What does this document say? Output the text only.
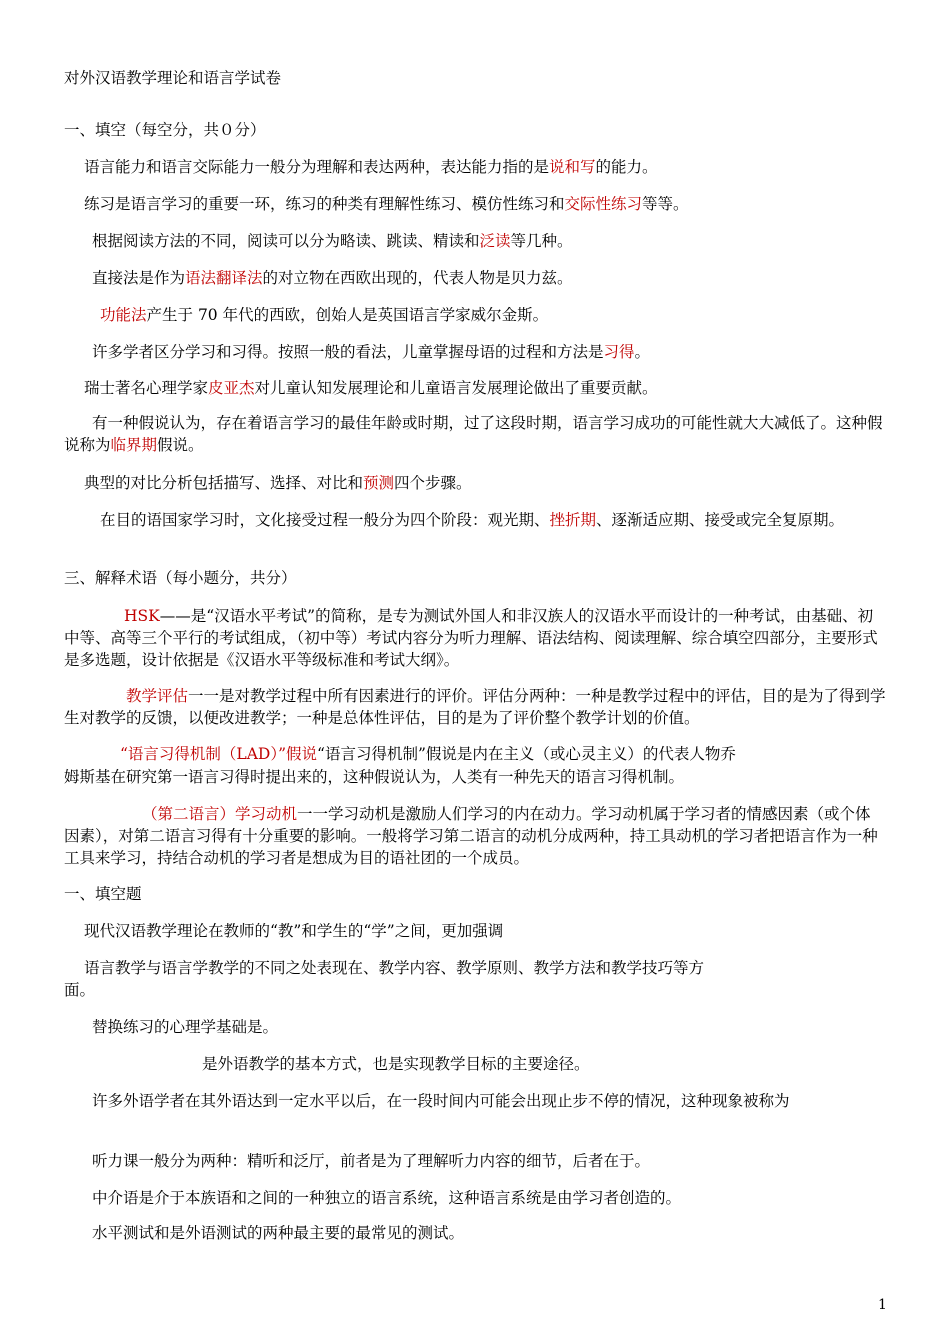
对外汉语教学理论和语言学试卷
一、填空（每空分，共０分）
语言能力和语言交际能力一般分为理解和表达两种，表达能力指的是说和写的能力。
练习是语言学习的重要一环，练习的种类有理解性练习、模仿性练习和交际性练习等等。
根据阅读方法的不同，阅读可以分为略读、跳读、精读和泛读等几种。
直接法是作为语法翻译法的对立物在西欧出现的，代表人物是贝力兹。
功能法产生于 70 年代的西欧，创始人是英国语言学家威尔金斯。
许多学者区分学习和习得。按照一般的看法，儿童掌握母语的过程和方法是习得。
瑞士著名心理学家皮亚杰对儿童认知发展理论和儿童语言发展理论做出了重要贡献。
有一种假说认为，存在着语言学习的最佳年龄或时期，过了这段时期，语言学习成功的可能性就大大减低了。这种假说称为临界期假说。
典型的对比分析包括描写、选择、对比和预测四个步骤。
在目的语国家学习时，文化接受过程一般分为四个阶段：观光期、挫折期、逐渐适应期、接受或完全复原期。
三、解释术语（每小题分，共分）
HSK——是“汉语水平考试”的简称，是专为测试外国人和非汉族人的汉语水平而设计的一种考试，由基础、初中等、高等三个平行的考试组成，（初中等）考试内容分为听力理解、语法结构、阅读理解、综合填空四部分，主要形式是多选题，设计依据是《汉语水平等级标准和考试大纲》。
教学评估一一是对教学过程中所有因素进行的评价。评估分两种：一种是教学过程中的评估，目的是为了得到学生对教学的反馈，以便改进教学；一种是总体性评估，目的是为了评价整个教学计划的价值。
“语言习得机制（LAD）”假说“语言习得机制”假说是内在主义（或心灵主义）的代表人物乔
姆斯基在研究第一语言习得时提出来的，这种假说认为，人类有一种先天的语言习得机制。
（第二语言）学习动机一一学习动机是激励人们学习的内在动力。学习动机属于学习者的情感因素（或个体因素），对第二语言习得有十分重要的影响。一般将学习第二语言的动机分成两种，持工具动机的学习者把语言作为一种工具来学习，持结合动机的学习者是想成为目的语社团的一个成员。
一、填空题
现代汉语教学理论在教师的“教”和学生的“学”之间，更加强调
语言教学与语言学教学的不同之处表现在、教学内容、教学原则、教学方法和教学技巧等方
面。
替换练习的心理学基础是。
是外语教学的基本方式，也是实现教学目标的主要途径。
许多外语学者在其外语达到一定水平以后，在一段时间内可能会出现止步不停的情况，这种现象被称为
听力课一般分为两种：精听和泛厅，前者是为了理解听力内容的细节，后者在于。
中介语是介于本族语和之间的一种独立的语言系统，这种语言系统是由学习者创造的。
水平测试和是外语测试的两种最主要的最常见的测试。
1
